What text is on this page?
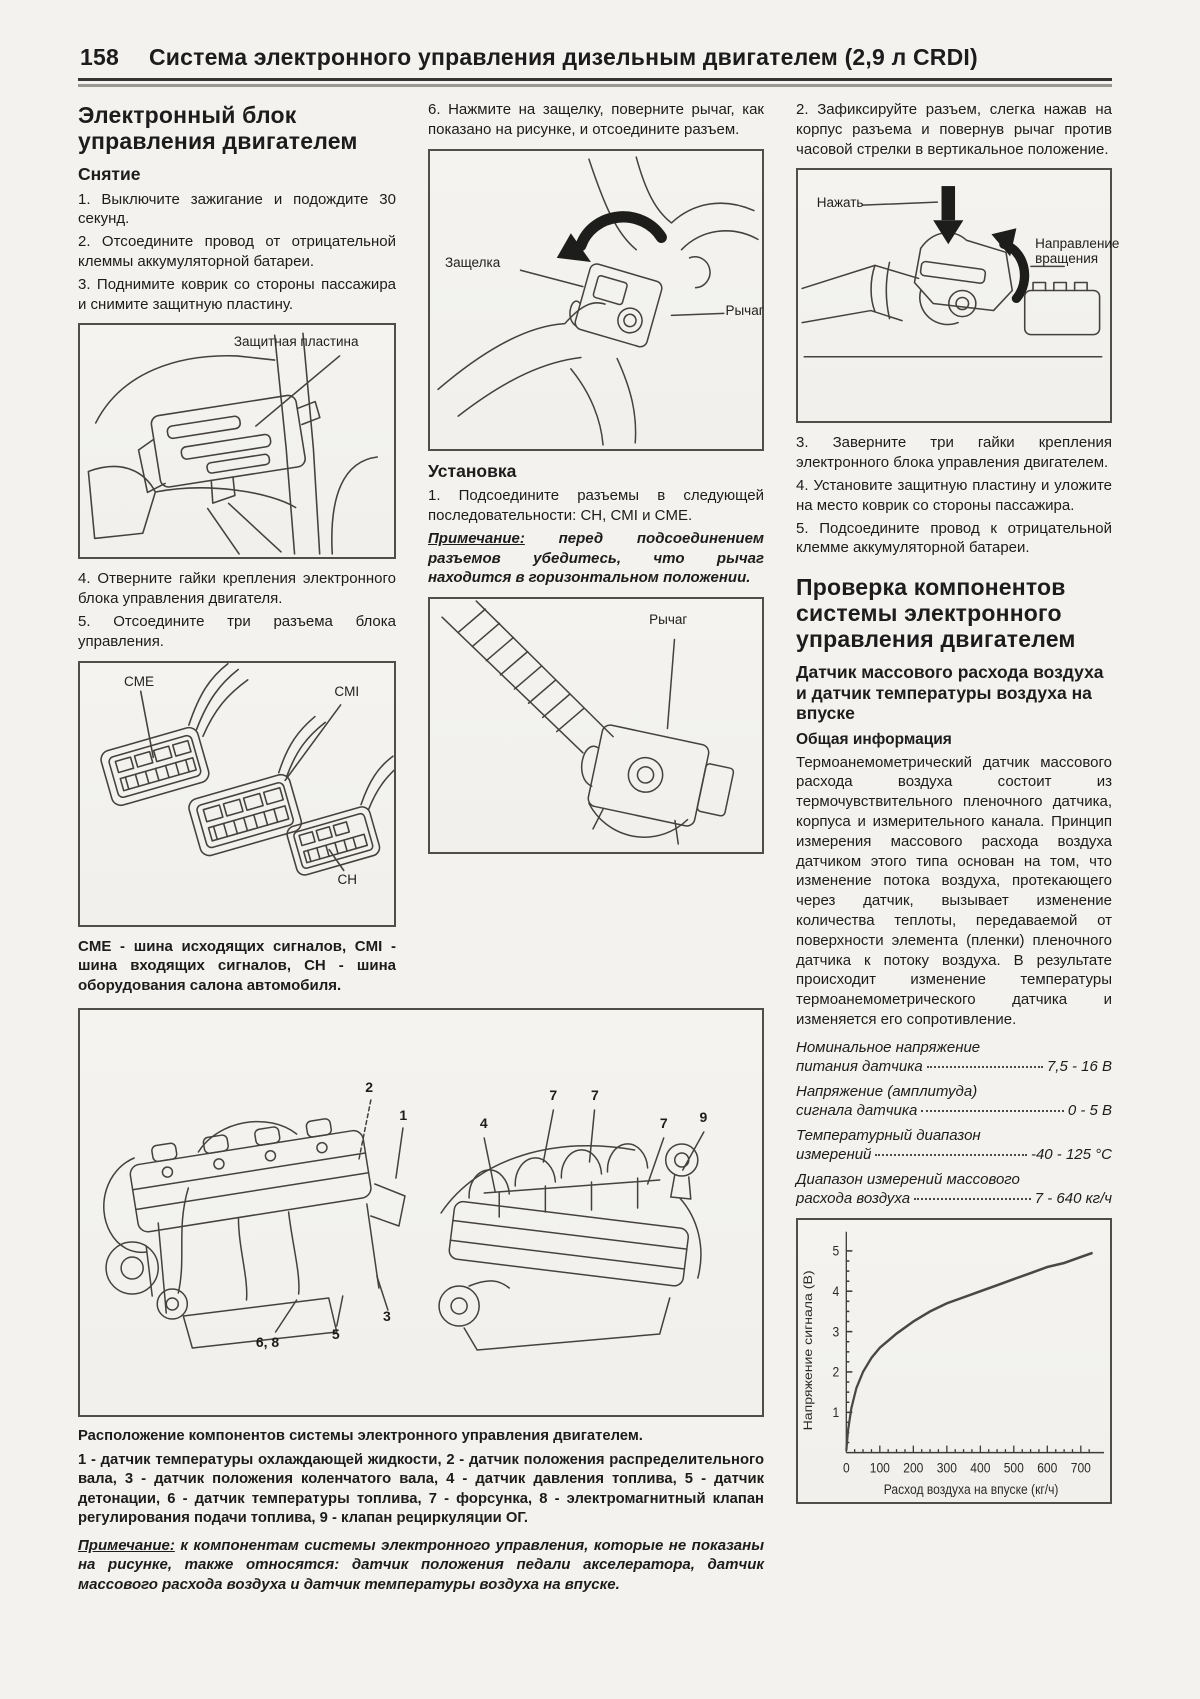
158 Система электронного управления дизельным двигателем (2,9 л CRDI)
Электронный блок управления двигателем
Снятие

1. Выключите зажигание и подождите 30 секунд.

2. Отсоедините провод от отрицательной клеммы аккумуляторной батареи.

3. Поднимите коврик со стороны пассажира и снимите защитную пластину.

Защитная пластина

4. Отверните гайки крепления электронного блока управления двигателя.

5. Отсоедините три разъема блока управления.

CME
CMI
CH

CME - шина исходящих сигналов, CMI - шина входящих сигналов, CH - шина оборудования салона автомобиля.

6. Нажмите на защелку, поверните рычаг, как показано на рисунке, и отсоедините разъем.

Защелка
Рычаг
Установка

1. Подсоедините разъемы в следующей последовательности: CH, CMI и CME.

Примечание: перед подсоединением разъемов убедитесь, что рычаг находится в горизонтальном положении.

Рычаг

2. Зафиксируйте разъем, слегка нажав на корпус разъема и повернув рычаг против часовой стрелки в вертикальное положение.

Нажать
Направление вращения

3. Заверните три гайки крепления электронного блока управления двигателем.

4. Установите защитную пластину и уложите на место коврик со стороны пассажира.

5. Подсоедините провод к отрицательной клемме аккумуляторной батареи.

Проверка компонентов системы электронного управления двигателем
Датчик массового расхода воздуха и датчик температуры воздуха на впуске
Общая информация

Термоанемометрический датчик массового расхода воздуха состоит из термочувствительного пленочного датчика, корпуса и измерительного канала. Принцип измерения массового расхода воздуха датчиком этого типа основан на том, что изменение потока воздуха, протекающего через датчик, вызывает изменение количества теплоты, передаваемой от поверхности элемента (пленки) пленочного датчика к потоку воздуха. В результате происходит изменение температуры термоанемометрического датчика и изменяется его сопротивление.

Номинальное напряжение
питания датчика	7,5 - 16 В
Напряжение (амплитуда)
сигнала датчика	0 - 5 В
Температурный диапазон
измерений	-40 - 125 °С
Диапазон измерений массового
расхода воздуха	7 - 640 кг/ч
1
2
3
4
5
0 100 200 300 400 500 600 700
Расход воздуха на впуске (кг/ч)
Напряжение сигнала (В)
2
1
4
7 7
7 9
6, 8
5
3

Расположение компонентов системы электронного управления двигателем.

1 - датчик температуры охлаждающей жидкости, 2 - датчик положения распределительного вала, 3 - датчик положения коленчатого вала, 4 - датчик давления топлива, 5 - датчик детонации, 6 - датчик температуры топлива, 7 - форсунка, 8 - электромагнитный клапан регулирования подачи топлива, 9 - клапан рециркуляции ОГ.

Примечание: к компонентам системы электронного управления, которые не показаны на рисунке, также относятся: датчик положения педали акселератора, датчик массового расхода воздуха и датчик температуры воздуха на впуске.
